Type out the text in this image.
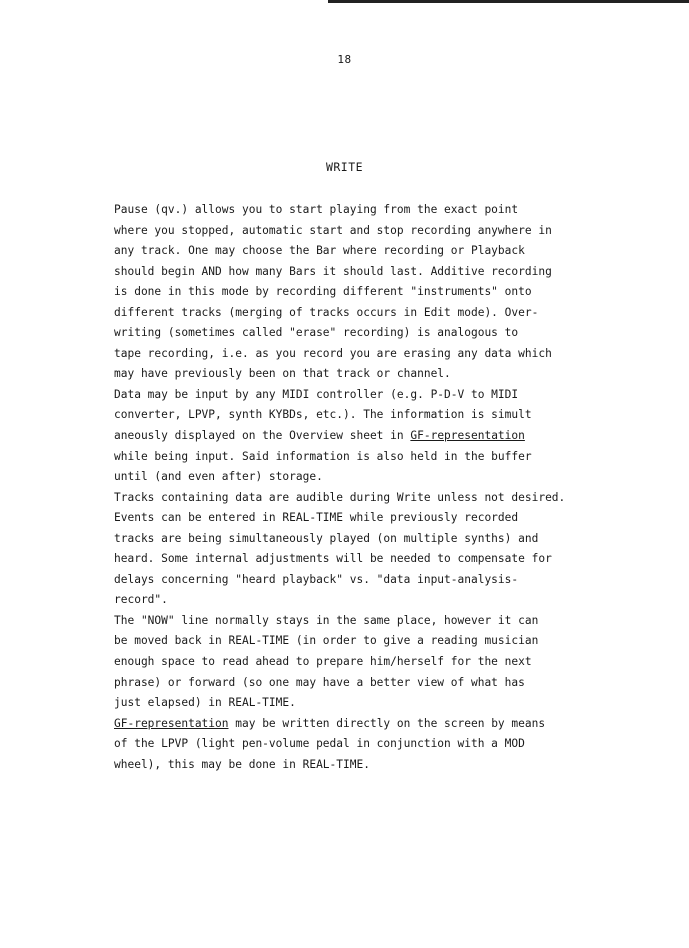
18
WRITE
Pause (qv.) allows you to start playing from the exact point
where you stopped, automatic start and stop recording anywhere in
any track. One may choose the Bar where recording or Playback
should begin AND how many Bars it should last. Additive recording
is done in this mode by recording different "instruments" onto
different tracks (merging of tracks occurs in Edit mode). Over-
writing (sometimes called "erase" recording) is analogous to
tape recording, i.e. as you record you are erasing any data which
may have previously been on that track or channel.
Data may be input by any MIDI controller (e.g. P-D-V to MIDI
converter, LPVP, synth KYBDs, etc.). The information is simult
aneously displayed on the Overview sheet in GF-representation
while being input. Said information is also held in the buffer
until (and even after) storage.
Tracks containing data are audible during Write unless not desired.
Events can be entered in REAL-TIME while previously recorded
tracks are being simultaneously played (on multiple synths) and
heard. Some internal adjustments will be needed to compensate for
delays concerning "heard playback" vs. "data input-analysis-
record".
The "NOW" line normally stays in the same place, however it can
be moved back in REAL-TIME (in order to give a reading musician
enough space to read ahead to prepare him/herself for the next
phrase) or forward (so one may have a better view of what has
just elapsed) in REAL-TIME.
GF-representation may be written directly on the screen by means
of the LPVP (light pen-volume pedal in conjunction with a MOD
wheel), this may be done in REAL-TIME.
